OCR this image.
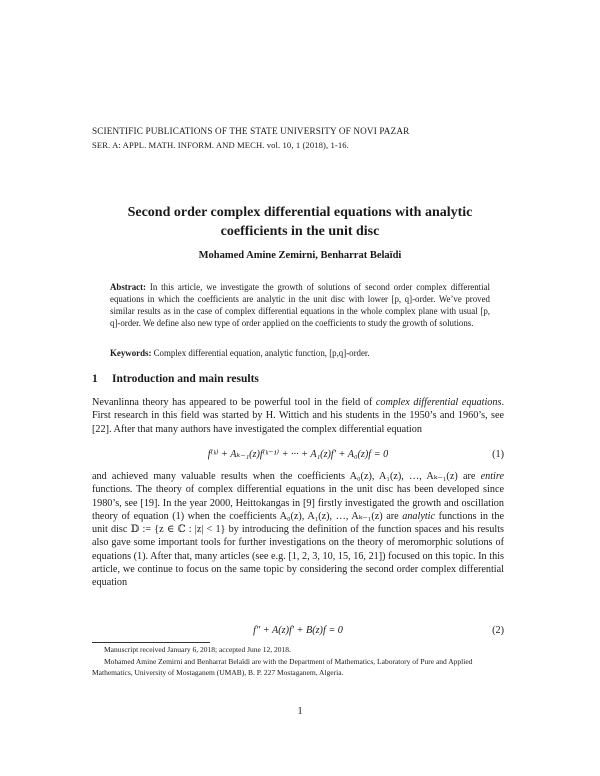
SCIENTIFIC PUBLICATIONS OF THE STATE UNIVERSITY OF NOVI PAZAR
SER. A: APPL. MATH. INFORM. AND MECH. vol. 10, 1 (2018), 1-16.
Second order complex differential equations with analytic
coefficients in the unit disc
Mohamed Amine Zemirni, Benharrat Belaïdi
Abstract: In this article, we investigate the growth of solutions of second order complex differential equations in which the coefficients are analytic in the unit disc with lower [p, q]-order. We’ve proved similar results as in the case of complex differential equations in the whole complex plane with usual [p, q]-order. We define also new type of order applied on the coefficients to study the growth of solutions.
Keywords: Complex differential equation, analytic function, [p,q]-order.
1 Introduction and main results
Nevanlinna theory has appeared to be powerful tool in the field of complex differential equations. First research in this field was started by H. Wittich and his students in the 1950’s and 1960’s, see [22]. After that many authors have investigated the complex differential equation
f⁽ᵏ⁾ + Aₖ₋₁(z)f⁽ᵏ⁻¹⁾ + ··· + A₁(z)f′ + A₀(z)f = 0	(1)
and achieved many valuable results when the coefficients A₀(z), A₁(z), …, Aₖ₋₁(z) are entire functions. The theory of complex differential equations in the unit disc has been developed since 1980’s, see [19]. In the year 2000, Heittokangas in [9] firstly investigated the growth and oscillation theory of equation (1) when the coefficients A₀(z), A₁(z), …, Aₖ₋₁(z) are analytic functions in the unit disc 𝔻 := {z ∈ ℂ : |z| < 1} by introducing the definition of the function spaces and his results also gave some important tools for further investigations on the theory of meromorphic solutions of equations (1). After that, many articles (see e.g. [1, 2, 3, 10, 15, 16, 21]) focused on this topic. In this article, we continue to focus on the same topic by considering the second order complex differential equation
f″ + A(z)f′ + B(z)f = 0	(2)
Manuscript received January 6, 2018; accepted June 12, 2018.
Mohamed Amine Zemirni and Benharrat Belaïdi are with the Department of Mathematics, Laboratory of Pure and Applied Mathematics, University of Mostaganem (UMAB), B. P. 227 Mostaganem, Algeria.
1
